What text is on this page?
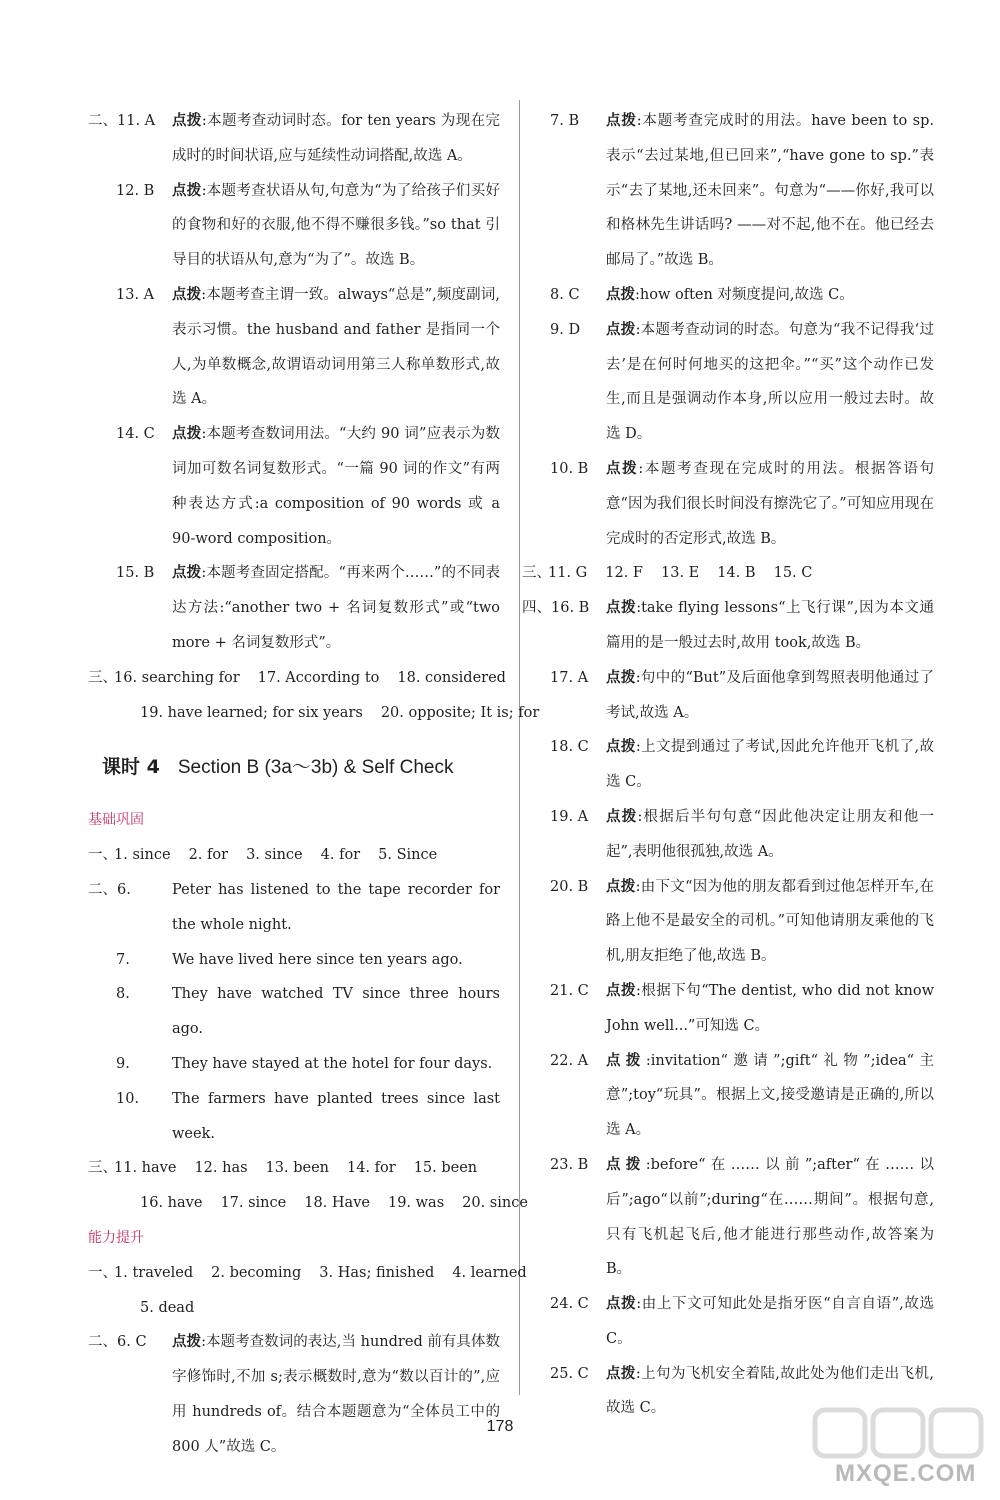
二、11. A 点拨:本题考查动词时态。for ten years 为现在完成时的时间状语,应与延续性动词搭配,故选 A。
12. B 点拨:本题考查状语从句,句意为“为了给孩子们买好的食物和好的衣服,他不得不赚很多钱。”so that 引导目的状语从句,意为“为了”。故选 B。
13. A 点拨:本题考查主谓一致。always“总是”,频度副词,表示习惯。the husband and father 是指同一个人,为单数概念,故谓语动词用第三人称单数形式,故选 A。
14. C 点拨:本题考查数词用法。“大约 90 词”应表示为数词加可数名词复数形式。“一篇 90 词的作文”有两种表达方式:a composition of 90 words 或 a 90-word composition。
15. B 点拨:本题考查固定搭配。“再来两个……”的不同表达方法:“another two + 名词复数形式”或“two more + 名词复数形式”。
三、16. searching for 17. According to 18. considered
19. have learned; for six years 20. opposite; It is; for
课时 4 Section B (3a～3b) & Self Check
基础巩固
一、1. since 2. for 3. since 4. for 5. Since
二、6.	Peter has listened to the tape recorder for the whole night.
7.	We have lived here since ten years ago.
8.	They have watched TV since three hours ago.
9.	They have stayed at the hotel for four days.
10. The farmers have planted trees since last week.
三、11. have 12. has 13. been 14. for 15. been
16. have 17. since 18. Have 19. was 20. since
能力提升
一、1. traveled 2. becoming 3. Has; finished 4. learned
5. dead
二、6. C 点拨:本题考查数词的表达,当 hundred 前有具体数字修饰时,不加 s;表示概数时,意为“数以百计的”,应用 hundreds of。结合本题题意为“全体员工中的 800 人”故选 C。
7. B 点拨:本题考查完成时的用法。have been to sp. 表示“去过某地,但已回来”,“have gone to sp.”表示“去了某地,还未回来”。句意为“——你好,我可以和格林先生讲话吗? ——对不起,他不在。他已经去邮局了。”故选 B。
8. C 点拨:how often 对频度提问,故选 C。
9. D 点拨:本题考查动词的时态。句意为“我不记得我‘过去’是在何时何地买的这把伞。”“买”这个动作已发生,而且是强调动作本身,所以应用一般过去时。故选 D。
10. B 点拨:本题考查现在完成时的用法。根据答语句意“因为我们很长时间没有擦洗它了。”可知应用现在完成时的否定形式,故选 B。
三、11. G 12. F 13. E 14. B 15. C
四、16. B 点拨:take flying lessons“上飞行课”,因为本文通篇用的是一般过去时,故用 took,故选 B。
17. A 点拨:句中的“But”及后面他拿到驾照表明他通过了考试,故选 A。
18. C 点拨:上文提到通过了考试,因此允许他开飞机了,故选 C。
19. A 点拨:根据后半句句意“因此他决定让朋友和他一起”,表明他很孤独,故选 A。
20. B 点拨:由下文“因为他的朋友都看到过他怎样开车,在路上他不是最安全的司机。”可知他请朋友乘他的飞机,朋友拒绝了他,故选 B。
21. C 点拨:根据下句“The dentist, who did not know John well...”可知选 C。
22. A 点拨:invitation“邀请”;gift“礼物”;idea“主意”;toy“玩具”。根据上文,接受邀请是正确的,所以选 A。
23. B 点拨:before“在……以前”;after“在……以后”;ago“以前”;during“在……期间”。根据句意,只有飞机起飞后,他才能进行那些动作,故答案为 B。
24. C 点拨:由上下文可知此处是指牙医“自言自语”,故选 C。
25. C 点拨:上句为飞机安全着陆,故此处为他们走出飞机,故选 C。
178
MXQE.COM
